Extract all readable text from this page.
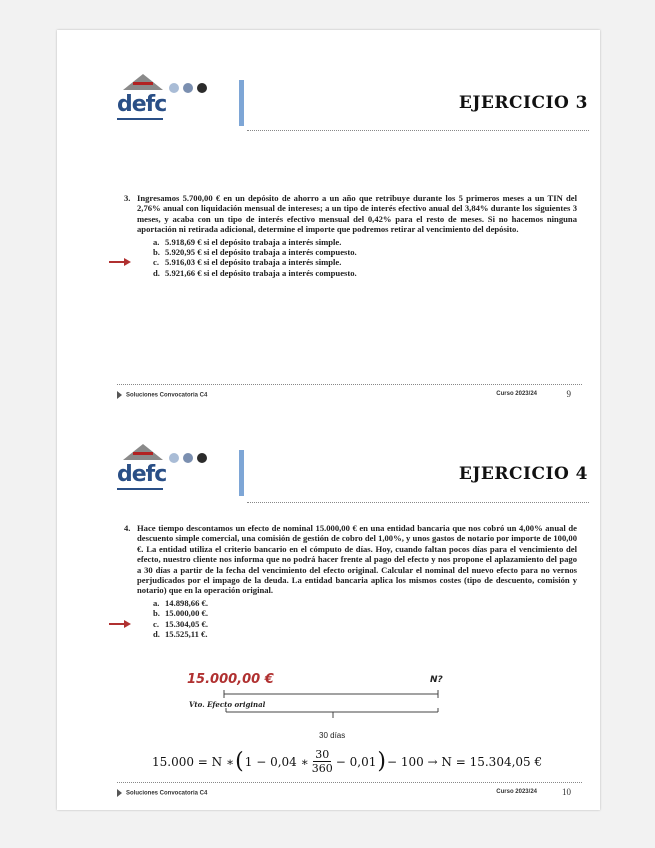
defc	EJERCICIO 3
3. Ingresamos 5.700,00 € en un depósito de ahorro a un año que retribuye durante los 5 primeros meses a un TIN del 2,76% anual con liquidación mensual de intereses; a un tipo de interés efectivo anual del 3,84% durante los siguientes 3 meses, y acaba con un tipo de interés efectivo mensual del 0,42% para el resto de meses. Si no hacemos ninguna aportación ni retirada adicional, determine el importe que podremos retirar al vencimiento del depósito.
a. 5.918,69 € si el depósito trabaja a interés simple.
b. 5.920,95 € si el depósito trabaja a interés compuesto.
c. 5.916,03 € si el depósito trabaja a interés simple.
d. 5.921,66 € si el depósito trabaja a interés compuesto.
Soluciones Convocatoria C4	Curso 2023/24	9
defc	EJERCICIO 4
4. Hace tiempo descontamos un efecto de nominal 15.000,00 € en una entidad bancaria que nos cobró un 4,00% anual de descuento simple comercial, una comisión de gestión de cobro del 1,00%, y unos gastos de notario por importe de 100,00 €. La entidad utiliza el criterio bancario en el cómputo de días. Hoy, cuando faltan pocos días para el vencimiento del efecto, nuestro cliente nos informa que no podrá hacer frente al pago del efecto y nos propone el aplazamiento del pago a 30 días a partir de la fecha del vencimiento del efecto original. Calcular el nominal del nuevo efecto para no vernos perjudicados por el impago de la deuda. La entidad bancaria aplica los mismos costes (tipo de descuento, comisión y notario) que en la operación original.
a. 14.898,66 €.
b. 15.000,00 €.
c. 15.304,05 €.
d. 15.525,11 €.
15.000,00 €	N?
Vto. Efecto original
30 días
15.000 = N ∗ ( 1 − 0,04 ∗ $\frac{30}{360} - 0,01$ ) − 100 → N = 15.304,05 €
Soluciones Convocatoria C4	Curso 2023/24	10
